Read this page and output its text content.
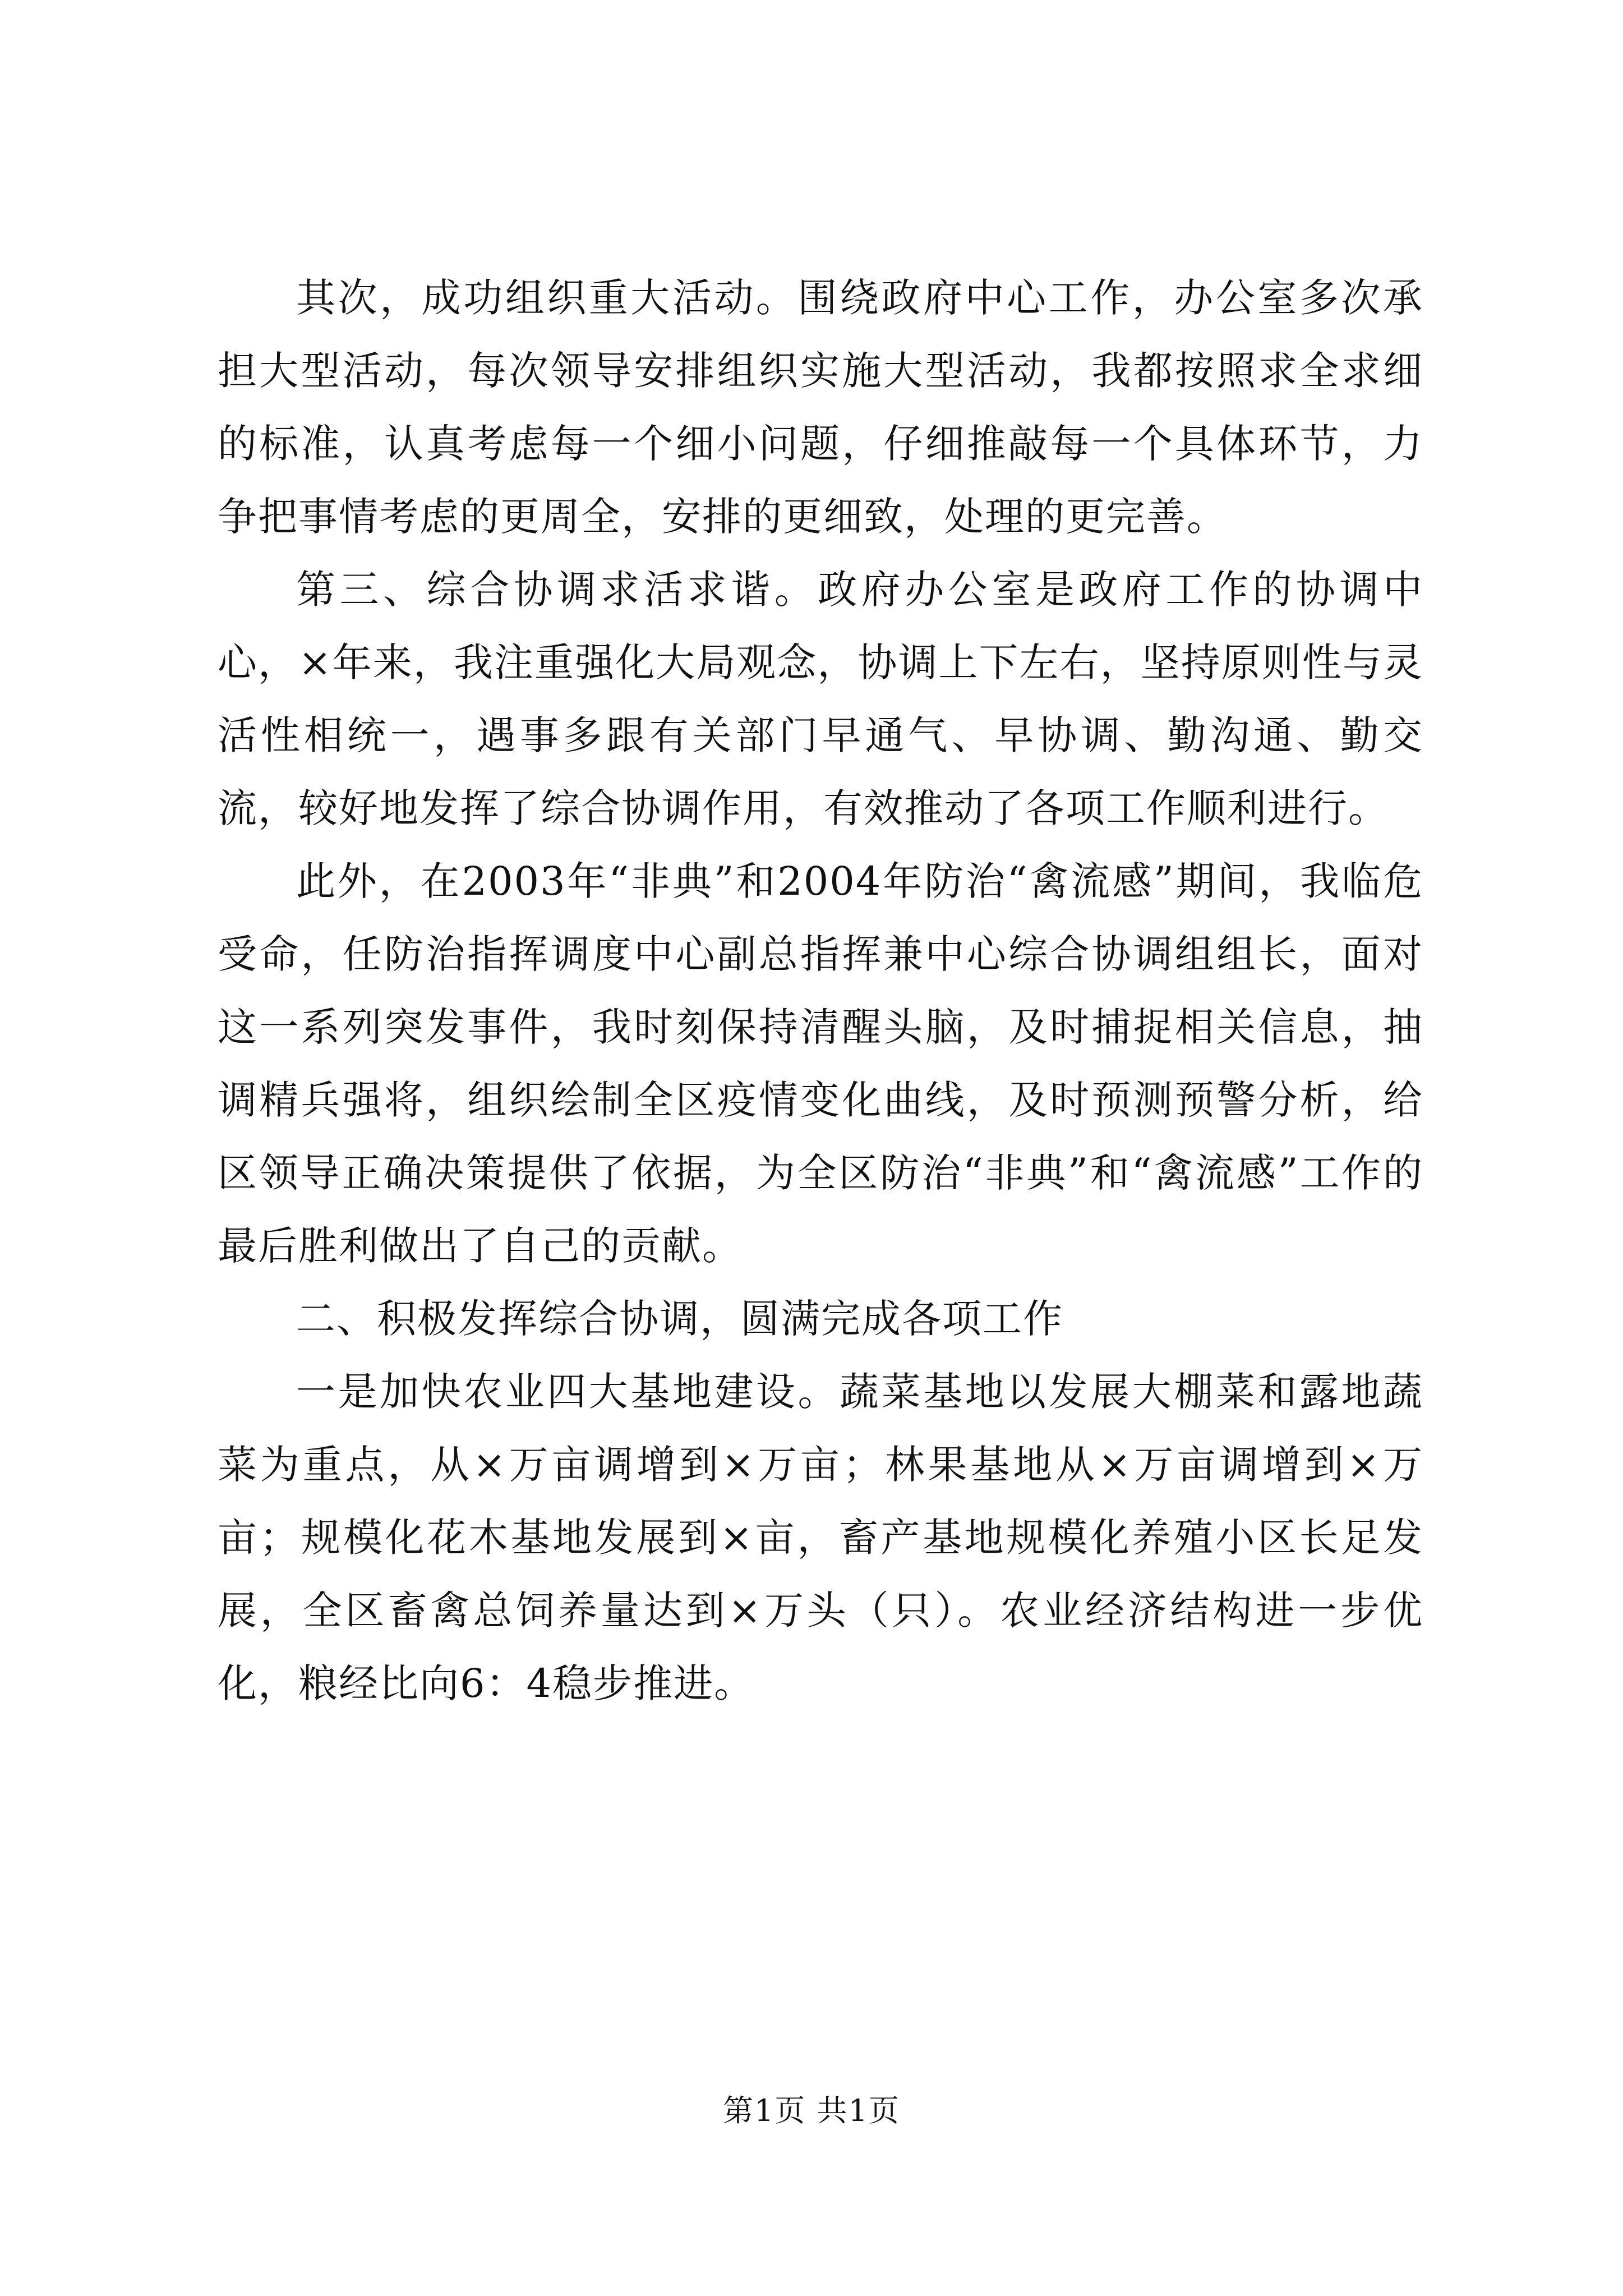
其次，成功组织重大活动。围绕政府中心工作，办公室多次承担大型活动，每次领导安排组织实施大型活动，我都按照求全求细的标准，认真考虑每一个细小问题，仔细推敲每一个具体环节，力争把事情考虑的更周全，安排的更细致，处理的更完善。

第三、综合协调求活求谐。政府办公室是政府工作的协调中心，×年来，我注重强化大局观念，协调上下左右，坚持原则性与灵活性相统一，遇事多跟有关部门早通气、早协调、勤沟通、勤交流，较好地发挥了综合协调作用，有效推动了各项工作顺利进行。

此外，在2003年“非典”和2004年防治“禽流感”期间，我临危受命，任防治指挥调度中心副总指挥兼中心综合协调组组长，面对这一系列突发事件，我时刻保持清醒头脑，及时捕捉相关信息，抽调精兵强将，组织绘制全区疫情变化曲线，及时预测预警分析，给区领导正确决策提供了依据，为全区防治“非典”和“禽流感”工作的最后胜利做出了自己的贡献。

二、积极发挥综合协调，圆满完成各项工作

一是加快农业四大基地建设。蔬菜基地以发展大棚菜和露地蔬菜为重点，从×万亩调增到×万亩；林果基地从×万亩调增到×万亩；规模化花木基地发展到×亩，畜产基地规模化养殖小区长足发展，全区畜禽总饲养量达到×万头（只）。农业经济结构进一步优化，粮经比向6：4稳步推进。

第1页 共1页
